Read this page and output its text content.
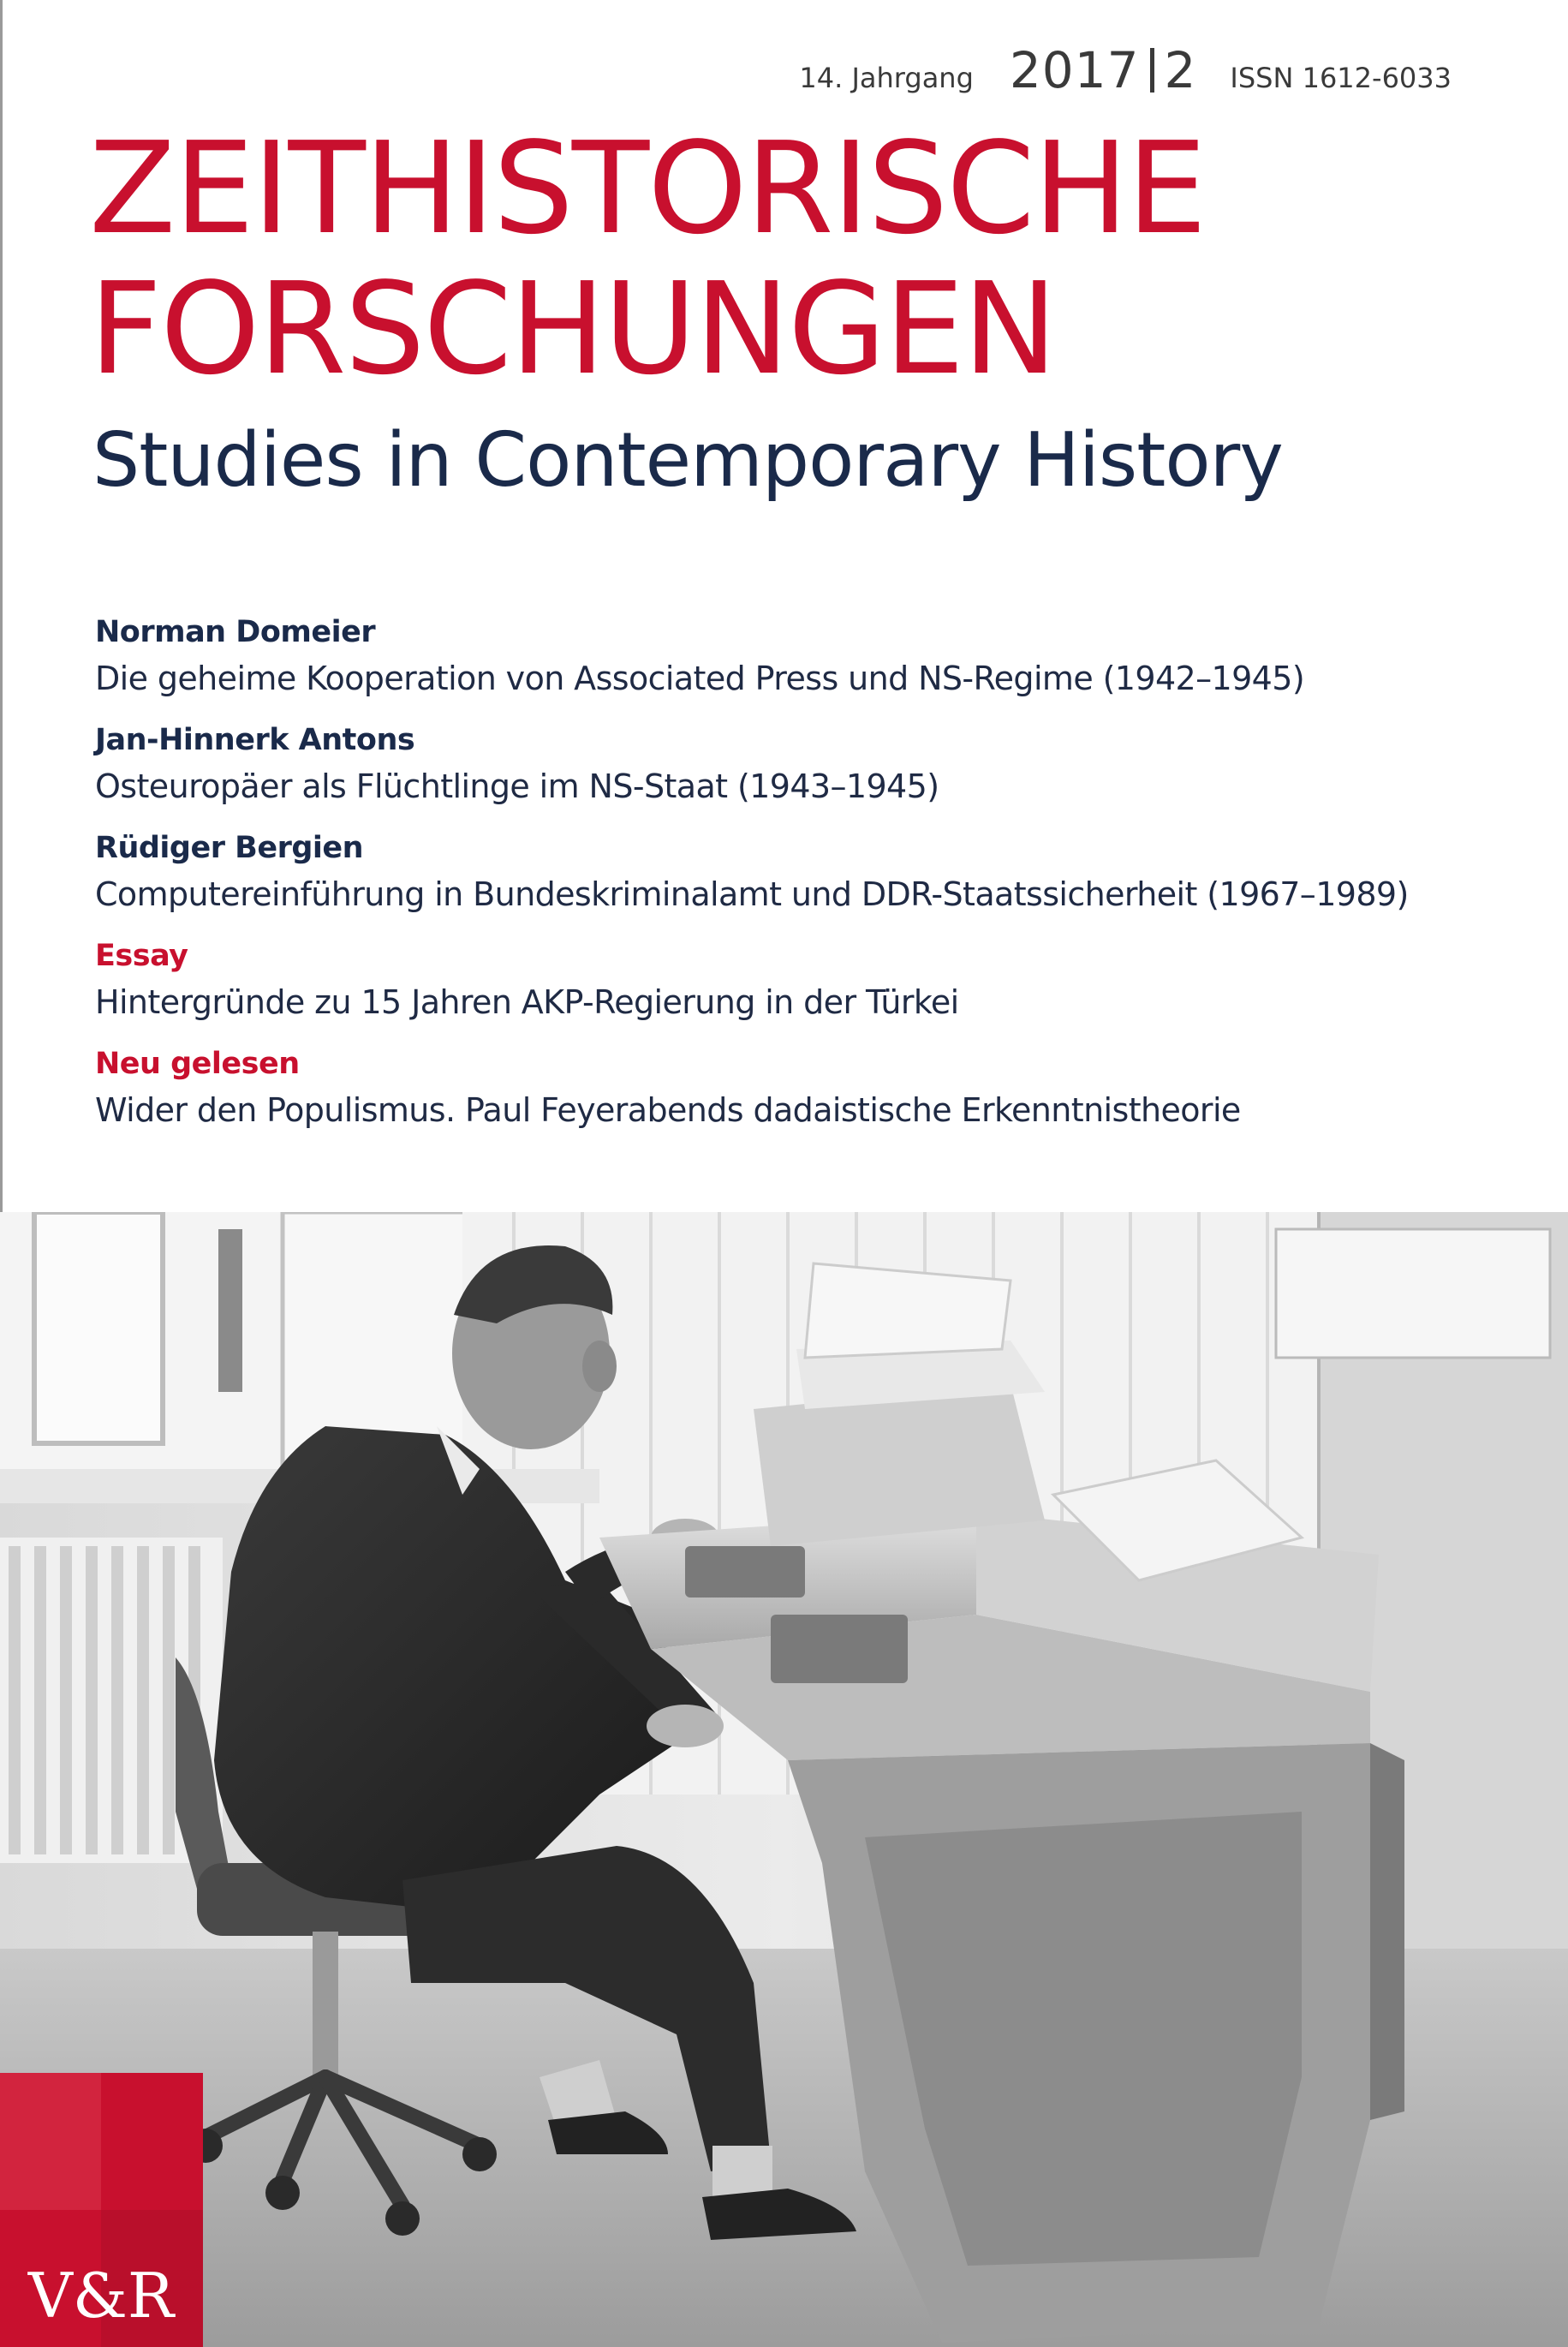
14. Jahrgang 2017 2 ISSN 1612-6033
ZEITHISTORISCHE
FORSCHUNGEN
Studies in Contemporary History
Norman Domeier
Die geheime Kooperation von Associated Press und NS-Regime (1942–1945)
Jan-Hinnerk Antons
Osteuropäer als Flüchtlinge im NS-Staat (1943–1945)
Rüdiger Bergien
Computereinführung in Bundeskriminalamt und DDR-Staatssicherheit (1967–1989)
Essay
Hintergründe zu 15 Jahren AKP-Regierung in der Türkei
Neu gelesen
Wider den Populismus. Paul Feyerabends dadaistische Erkenntnistheorie
V&R
